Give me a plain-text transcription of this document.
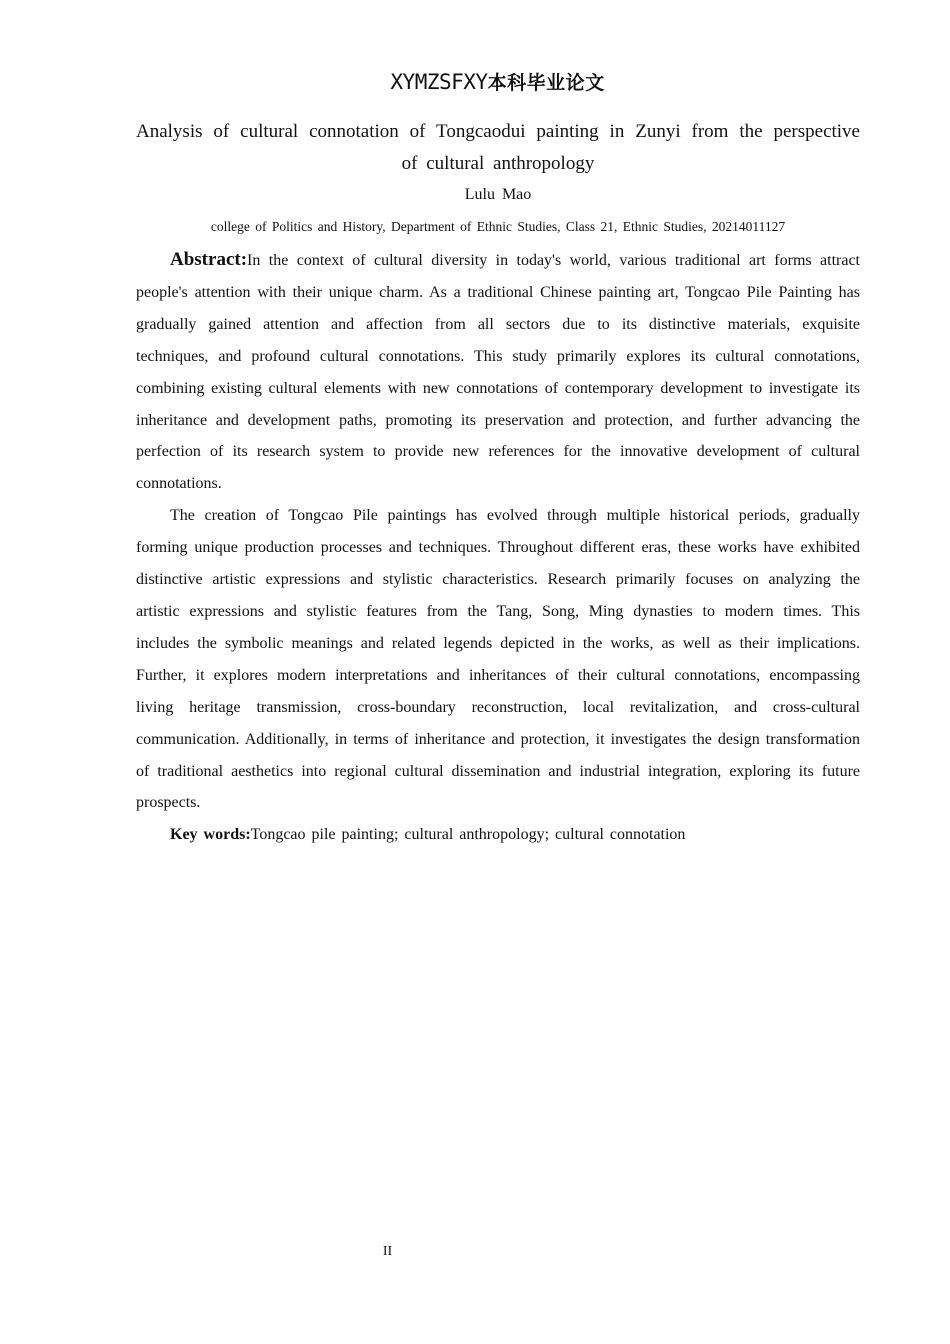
XYMZSFXY本科毕业论文
Analysis of cultural connotation of Tongcaodui painting in Zunyi from the perspective of cultural anthropology
Lulu Mao
college of Politics and History, Department of Ethnic Studies, Class 21, Ethnic Studies, 20214011127

Abstract:In the context of cultural diversity in today's world, various traditional art forms attract people's attention with their unique charm. As a traditional Chinese painting art, Tongcao Pile Painting has gradually gained attention and affection from all sectors due to its distinctive materials, exquisite techniques, and profound cultural connotations. This study primarily explores its cultural connotations, combining existing cultural elements with new connotations of contemporary development to investigate its inheritance and development paths, promoting its preservation and protection, and further advancing the perfection of its research system to provide new references for the innovative development of cultural connotations.

The creation of Tongcao Pile paintings has evolved through multiple historical periods, gradually forming unique production processes and techniques. Throughout different eras, these works have exhibited distinctive artistic expressions and stylistic characteristics. Research primarily focuses on analyzing the artistic expressions and stylistic features from the Tang, Song, Ming dynasties to modern times. This includes the symbolic meanings and related legends depicted in the works, as well as their implications. Further, it explores modern interpretations and inheritances of their cultural connotations, encompassing living heritage transmission, cross-boundary reconstruction, local revitalization, and cross-cultural communication. Additionally, in terms of inheritance and protection, it investigates the design transformation of traditional aesthetics into regional cultural dissemination and industrial integration, exploring its future prospects.

Key words:Tongcao pile painting; cultural anthropology; cultural connotation

II
